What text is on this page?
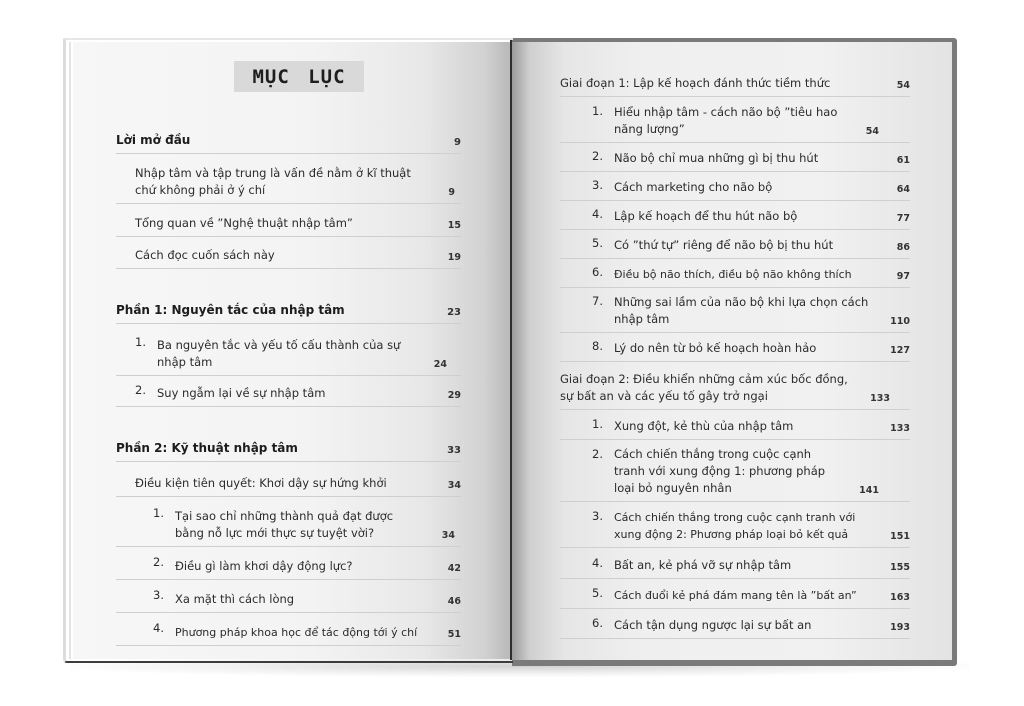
MỤC LỤC
Lời mở đầu	9
Nhập tâm và tập trung là vấn đề nằm ở kĩ thuật chứ không phải ở ý chí	9
Tổng quan về ”Nghệ thuật nhập tâm”	15
Cách đọc cuốn sách này	19
Phần 1: Nguyên tắc của nhập tâm	23
1. Ba nguyên tắc và yếu tố cấu thành của sự nhập tâm	24
2. Suy ngẫm lại về sự nhập tâm	29
Phần 2: Kỹ thuật nhập tâm	33
Điều kiện tiên quyết: Khơi dậy sự hứng khởi	34
1. Tại sao chỉ những thành quả đạt được bằng nỗ lực mới thực sự tuyệt vời?	34
2. Điều gì làm khơi dậy động lực?	42
3. Xa mặt thì cách lòng	46
4.	Phương pháp khoa học để tác động tới ý chí	51
Giai đoạn 1: Lập kế hoạch đánh thức tiềm thức	54
1. Hiểu nhập tâm - cách não bộ ”tiêu hao năng lượng”	54
2. Não bộ chỉ mua những gì bị thu hút	61
3. Cách marketing cho não bộ	64
4. Lập kế hoạch để thu hút não bộ	77
5. Có ”thứ tự” riêng để não bộ bị thu hút	86
6.	Điều bộ não thích, điều bộ não không thích	97
7. Những sai lầm của não bộ khi lựa chọn cách nhập tâm	110
8. Lý do nên từ bỏ kế hoạch hoàn hảo	127
Giai đoạn 2: Điều khiển những cảm xúc bốc đồng, sự bất an và các yếu tố gây trở ngại	133
1. Xung đột, kẻ thù của nhập tâm	133
2. Cách chiến thắng trong cuộc cạnh tranh với xung động 1: phương pháp loại bỏ nguyên nhân	141
3.	Cách chiến thắng trong cuộc cạnh tranh với xung động 2: Phương pháp loại bỏ kết quả	151
4. Bất an, kẻ phá vỡ sự nhập tâm	155
5.	Cách đuổi kẻ phá đám mang tên là ”bất an”	163
6. Cách tận dụng ngược lại sự bất an	193
